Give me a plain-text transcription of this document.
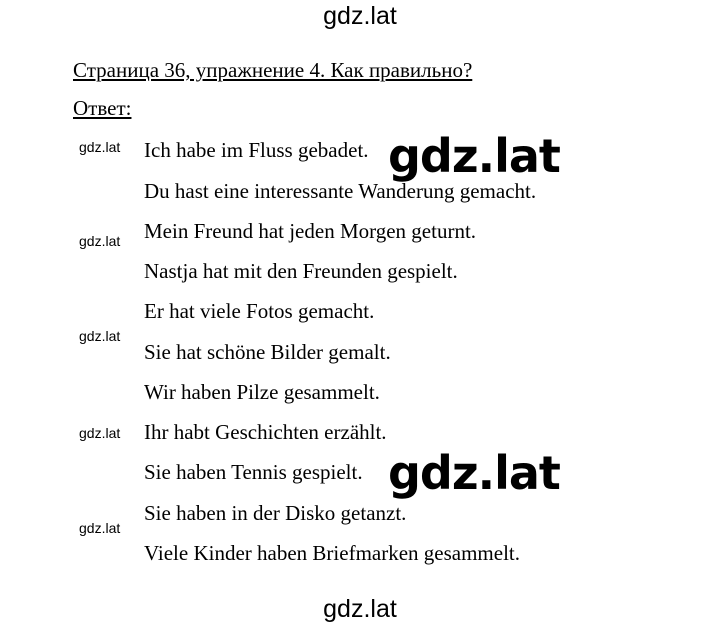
gdz.lat
Страница 36, упражнение 4. Как правильно?
Ответ:
Ich habe im Fluss gebadet.
Du hast eine interessante Wanderung gemacht.
Mein Freund hat jeden Morgen geturnt.
Nastja hat mit den Freunden gespielt.
Er hat viele Fotos gemacht.
Sie hat schöne Bilder gemalt.
Wir haben Pilze gesammelt.
Ihr habt Geschichten erzählt.
Sie haben Tennis gespielt.
Sie haben in der Disko getanzt.
Viele Kinder haben Briefmarken gesammelt.
gdz.lat
gdz.lat
gdz.lat
gdz.lat
gdz.lat
gdz.lat
gdz.lat
gdz.lat
